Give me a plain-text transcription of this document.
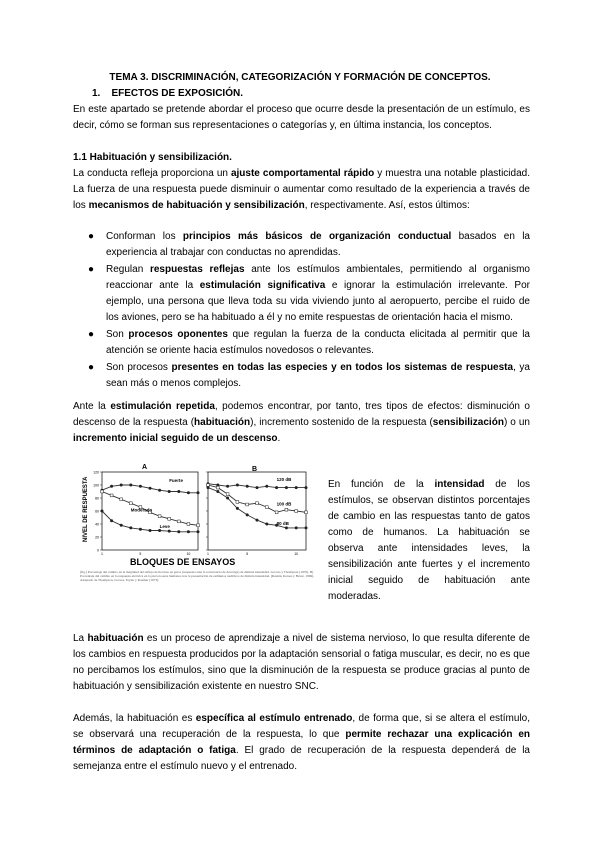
TEMA 3. DISCRIMINACIÓN, CATEGORIZACIÓN Y FORMACIÓN DE CONCEPTOS.
1. EFECTOS DE EXPOSICIÓN.
En este apartado se pretende abordar el proceso que ocurre desde la presentación de un estímulo, es decir, cómo se forman sus representaciones o categorías y, en última instancia, los conceptos.
1.1 Habituación y sensibilización.
La conducta refleja proporciona un ajuste comportamental rápido y muestra una notable plasticidad. La fuerza de una respuesta puede disminuir o aumentar como resultado de la experiencia a través de los mecanismos de habituación y sensibilización, respectivamente. Así, estos últimos:
● Conforman los principios más básicos de organización conductual basados en la experiencia al trabajar con conductas no aprendidas.
● Regulan respuestas reflejas ante los estímulos ambientales, permitiendo al organismo reaccionar ante la estimulación significativa e ignorar la estimulación irrelevante. Por ejemplo, una persona que lleva toda su vida viviendo junto al aeropuerto, percibe el ruido de los aviones, pero se ha habituado a él y no emite respuestas de orientación hacia el mismo.
● Son procesos oponentes que regulan la fuerza de la conducta elicitada al permitir que la atención se oriente hacia estímulos novedosos o relevantes.
● Son procesos presentes en todas las especies y en todos los sistemas de respuesta, ya sean más o menos complejos.
Ante la estimulación repetida, podemos encontrar, por tanto, tres tipos de efectos: disminución o descenso de la respuesta (habituación), incremento sostenido de la respuesta (sensibilización) o un incremento inicial seguido de un descenso.
NIVEL DE RESPUESTA
BLOQUES DE ENSAYOS
A	B
0
20
40
60
80
100
120
1	5	10
Fuerte
Moderado
Leve
1	5	10
120 dB
100 dB
80 dB
(fig.) Porcentaje del cambio en la magnitud del reflejo de llevarse en gatos (respuesta ante la recurrencia de descarga) de distinta intensidad. Groves y Thompson (1970). B) Porcentaje del cambio en la respuesta eléctrica en la piel en seres humanos tras la presentación de estímulos auditivos de distinta intensidad. (Raskin, Kotses y Bever, 1969). Adaptado de Thompson, Groves, Teyler y Roemer (1973).
En función de la intensidad de los estímulos, se observan distintos porcentajes de cambio en las respuestas tanto de gatos como de humanos. La habituación se observa ante intensidades leves, la sensibilización ante fuertes y el incremento inicial seguido de habituación ante moderadas.
La habituación es un proceso de aprendizaje a nivel de sistema nervioso, lo que resulta diferente de los cambios en respuesta producidos por la adaptación sensorial o fatiga muscular, es decir, no es que no percibamos los estímulos, sino que la disminución de la respuesta se produce gracias al punto de habituación y sensibilización existente en nuestro SNC.
Además, la habituación es específica al estímulo entrenado, de forma que, si se altera el estímulo, se observará una recuperación de la respuesta, lo que permite rechazar una explicación en términos de adaptación o fatiga. El grado de recuperación de la respuesta dependerá de la semejanza entre el estímulo nuevo y el entrenado.
